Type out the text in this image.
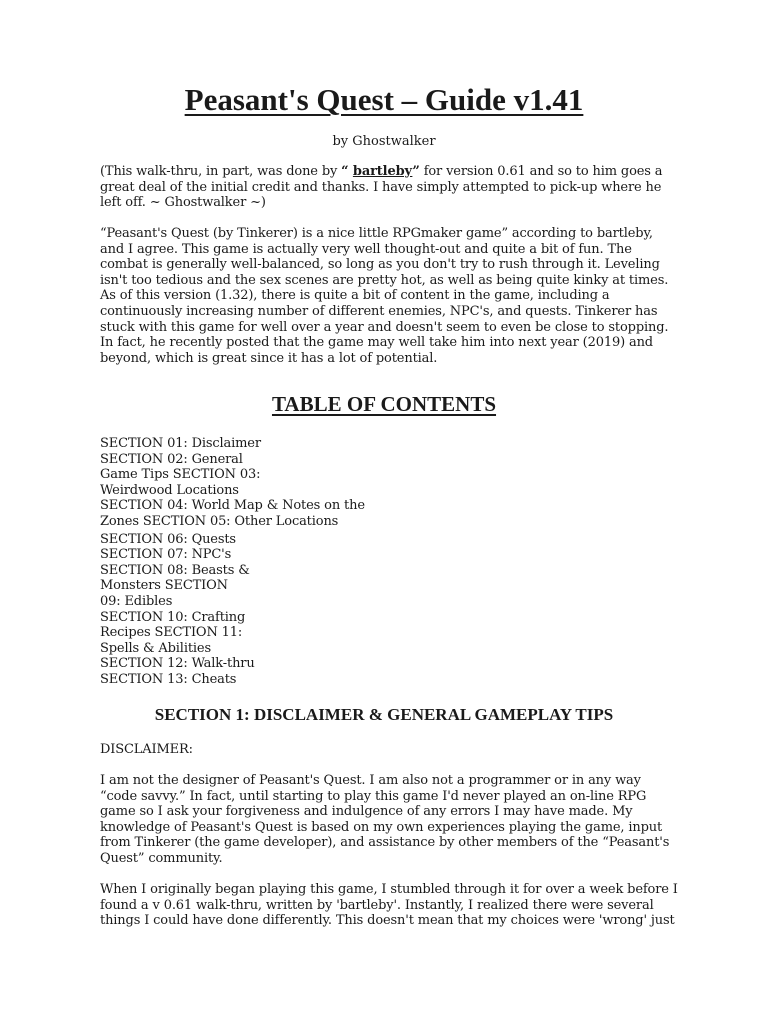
Peasant's Quest – Guide v1.41
by Ghostwalker

(This walk-thru, in part, was done by “ bartleby” for version 0.61 and so to him goes a
great deal of the initial credit and thanks. I have simply attempted to pick-up where he
left off. ~ Ghostwalker ~)

“Peasant's Quest (by Tinkerer) is a nice little RPGmaker game” according to bartleby,
and I agree. This game is actually very well thought-out and quite a bit of fun. The
combat is generally well-balanced, so long as you don't try to rush through it. Leveling
isn't too tedious and the sex scenes are pretty hot, as well as being quite kinky at times.
As of this version (1.32), there is quite a bit of content in the game, including a
continuously increasing number of different enemies, NPC's, and quests. Tinkerer has
stuck with this game for well over a year and doesn't seem to even be close to stopping.
In fact, he recently posted that the game may well take him into next year (2019) and
beyond, which is great since it has a lot of potential.

TABLE OF CONTENTS
SECTION 01: Disclaimer
SECTION 02: General
Game Tips SECTION 03:
Weirdwood Locations
SECTION 04: World Map & Notes on the
Zones SECTION 05: Other Locations
SECTION 06: Quests
SECTION 07: NPC's
SECTION 08: Beasts &
Monsters SECTION
09: Edibles
SECTION 10: Crafting
Recipes SECTION 11:
Spells & Abilities
SECTION 12: Walk-thru
SECTION 13: Cheats
SECTION 1: DISCLAIMER & GENERAL GAMEPLAY TIPS

DISCLAIMER:

I am not the designer of Peasant's Quest. I am also not a programmer or in any way
“code savvy.” In fact, until starting to play this game I'd never played an on-line RPG
game so I ask your forgiveness and indulgence of any errors I may have made. My
knowledge of Peasant's Quest is based on my own experiences playing the game, input
from Tinkerer (the game developer), and assistance by other members of the “Peasant's
Quest” community.

When I originally began playing this game, I stumbled through it for over a week before I
found a v 0.61 walk-thru, written by 'bartleby'. Instantly, I realized there were several
things I could have done differently. This doesn't mean that my choices were 'wrong' just
